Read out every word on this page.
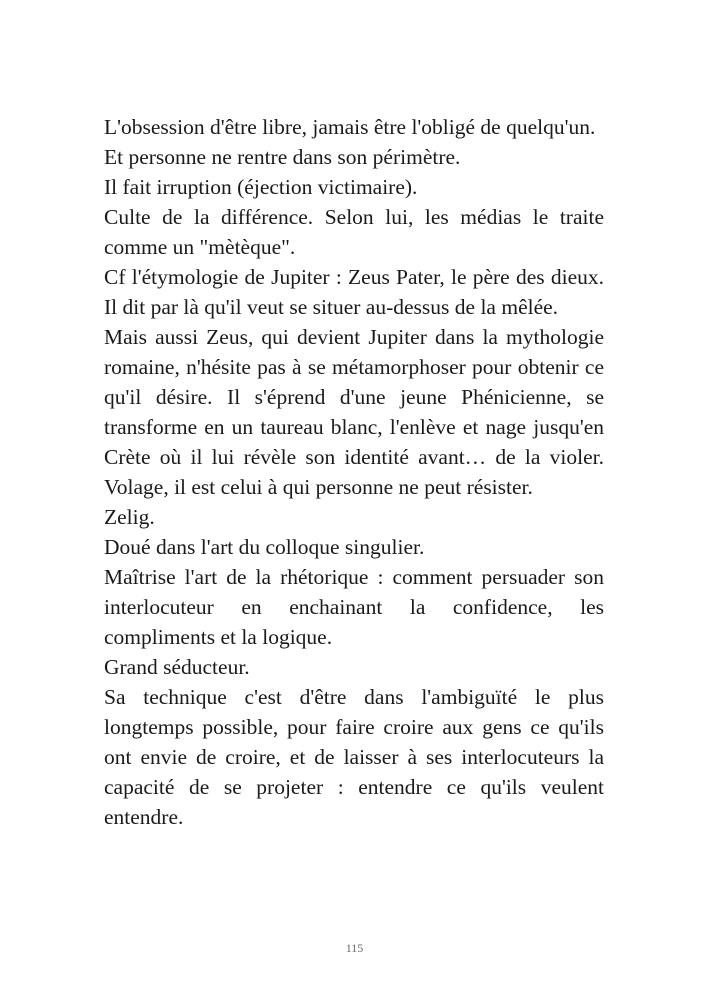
L'obsession d'être libre, jamais être l'obligé de quelqu'un.

Et personne ne rentre dans son périmètre.

Il fait irruption (éjection victimaire).

Culte de la différence. Selon lui, les médias le traite comme un "mètèque".

Cf l'étymologie de Jupiter : Zeus Pater, le père des dieux. Il dit par là qu'il veut se situer au-dessus de la mêlée.

Mais aussi Zeus, qui devient Jupiter dans la mythologie romaine, n'hésite pas à se métamorphoser pour obtenir ce qu'il désire. Il s'éprend d'une jeune Phénicienne, se transforme en un taureau blanc, l'enlève et nage jusqu'en Crète où il lui révèle son identité avant… de la violer. Volage, il est celui à qui personne ne peut résister.

Zelig.

Doué dans l'art du colloque singulier.

Maîtrise l'art de la rhétorique : comment persuader son interlocuteur en enchainant la confidence, les compliments et la logique.

Grand séducteur.

Sa technique c'est d'être dans l'ambiguïté le plus longtemps possible, pour faire croire aux gens ce qu'ils ont envie de croire, et de laisser à ses interlocuteurs la capacité de se projeter : entendre ce qu'ils veulent entendre.

115
